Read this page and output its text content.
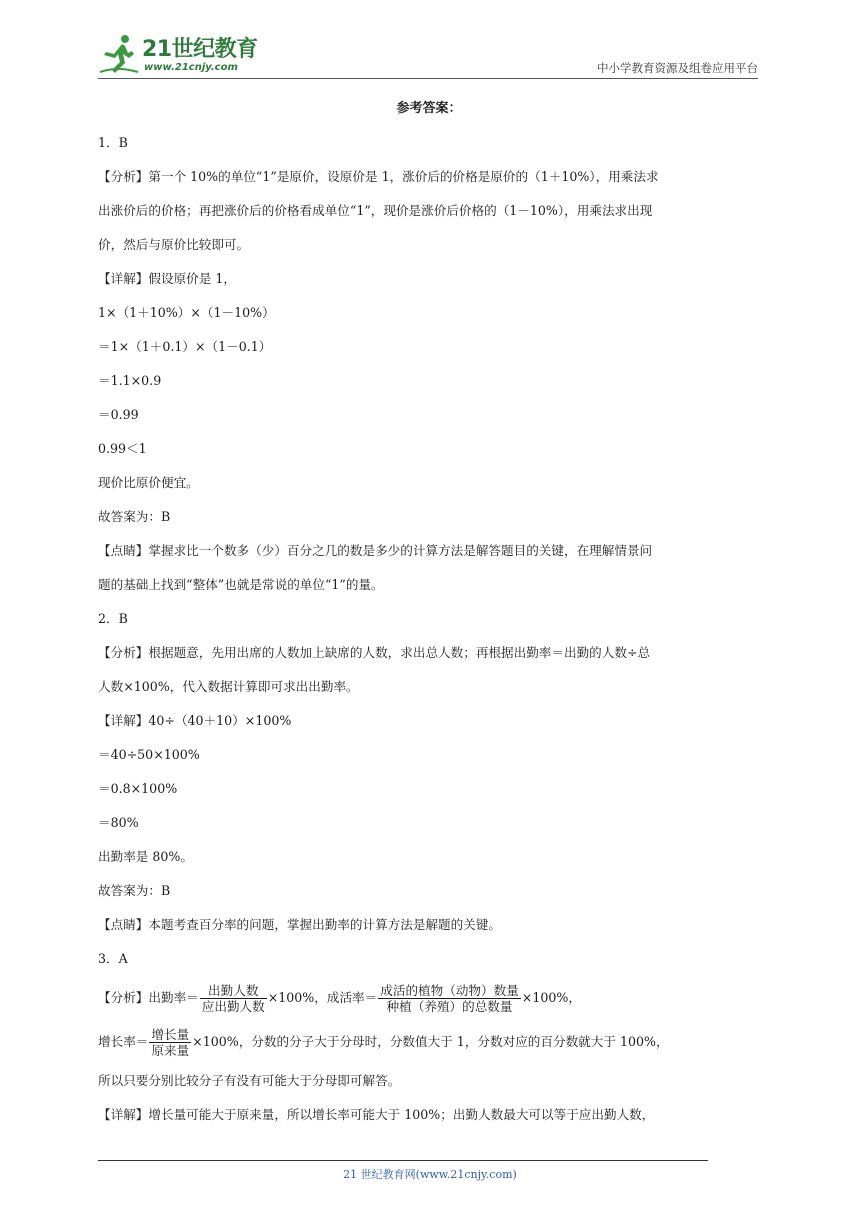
21世纪教育
www.21cnjy.com	中小学教育资源及组卷应用平台
参考答案：

1．B

【分析】第一个 10%的单位“1”是原价，设原价是 1，涨价后的价格是原价的（1＋10%），用乘法求

出涨价后的价格；再把涨价后的价格看成单位“1”，现价是涨价后价格的（1－10%），用乘法求出现

价，然后与原价比较即可。

【详解】假设原价是 1，

1×（1＋10%）×（1－10%）

＝1×（1＋0.1）×（1－0.1）

＝1.1×0.9

＝0.99

0.99＜1

现价比原价便宜。

故答案为：B

【点睛】掌握求比一个数多（少）百分之几的数是多少的计算方法是解答题目的关键，在理解情景问

题的基础上找到“整体”也就是常说的单位“1”的量。

2．B

【分析】根据题意，先用出席的人数加上缺席的人数，求出总人数；再根据出勤率＝出勤的人数÷总

人数×100%，代入数据计算即可求出出勤率。

【详解】40÷（40＋10）×100%

＝40÷50×100%

＝0.8×100%

＝80%

出勤率是 80%。

故答案为：B

【点睛】本题考查百分率的问题，掌握出勤率的计算方法是解题的关键。

3．A

【分析】出勤率＝ $\frac{\text{出勤人数}}{\text{应出勤人数}} \times 100\%$，成活率＝ $\frac{\text{成活的植物（动物）数量}}{\text{种植（养殖）的总数量}} \times 100\%$，

增长率＝ $\frac{\text{增长量}}{\text{原来量}} \times 100\%$，分数的分子大于分母时，分数值大于 1，分数对应的百分数就大于 100%，

所以只要分别比较分子有没有可能大于分母即可解答。

【详解】增长量可能大于原来量，所以增长率可能大于 100%；出勤人数最大可以等于应出勤人数，

21 世纪教育网(www.21cnjy.com)
